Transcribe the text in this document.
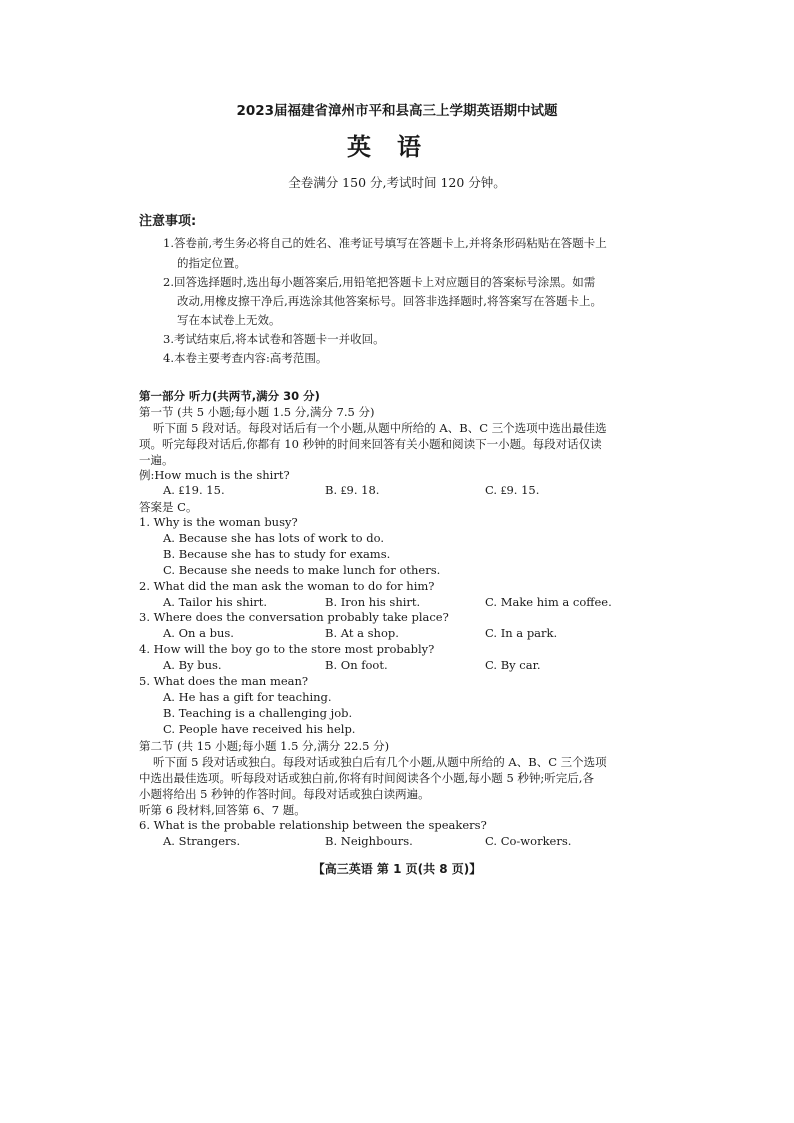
2023届福建省漳州市平和县高三上学期英语期中试题
英语
全卷满分 150 分,考试时间 120 分钟。
注意事项:
1.答卷前,考生务必将自己的姓名、准考证号填写在答题卡上,并将条形码粘贴在答题卡上
的指定位置。
2.回答选择题时,选出每小题答案后,用铅笔把答题卡上对应题目的答案标号涂黑。如需
改动,用橡皮擦干净后,再选涂其他答案标号。回答非选择题时,将答案写在答题卡上。
写在本试卷上无效。
3.考试结束后,将本试卷和答题卡一并收回。
4.本卷主要考查内容:高考范围。
第一部分 听力(共两节,满分 30 分)
第一节 (共 5 小题;每小题 1.5 分,满分 7.5 分)
听下面 5 段对话。每段对话后有一个小题,从题中所给的 A、B、C 三个选项中选出最佳选
项。听完每段对话后,你都有 10 秒钟的时间来回答有关小题和阅读下一小题。每段对话仅读
一遍。
例:How much is the shirt?
A. ₤19. 15.	B. ₤9. 18.	C. ₤9. 15.
答案是 C。
1. Why is the woman busy?
A. Because she has lots of work to do.
B. Because she has to study for exams.
C. Because she needs to make lunch for others.
2. What did the man ask the woman to do for him?
A. Tailor his shirt.	B. Iron his shirt.	C. Make him a coffee.
3. Where does the conversation probably take place?
A. On a bus.	B. At a shop.	C. In a park.
4. How will the boy go to the store most probably?
A. By bus.	B. On foot.	C. By car.
5. What does the man mean?
A. He has a gift for teaching.
B. Teaching is a challenging job.
C. People have received his help.
第二节 (共 15 小题;每小题 1.5 分,满分 22.5 分)
听下面 5 段对话或独白。每段对话或独白后有几个小题,从题中所给的 A、B、C 三个选项
中选出最佳选项。听每段对话或独白前,你将有时间阅读各个小题,每小题 5 秒钟;听完后,各
小题将给出 5 秒钟的作答时间。每段对话或独白读两遍。
听第 6 段材料,回答第 6、7 题。
6. What is the probable relationship between the speakers?
A. Strangers.	B. Neighbours.	C. Co-workers.
【高三英语 第 1 页(共 8 页)】
